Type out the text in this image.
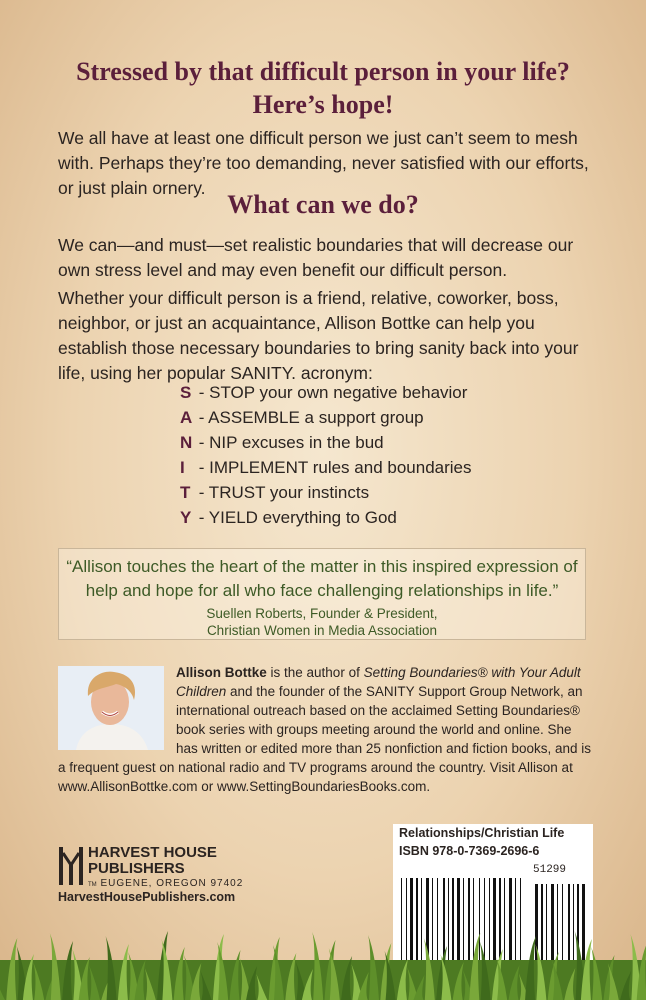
Stressed by that difficult person in your life?
Here’s hope!
We all have at least one difficult person we just can’t seem to mesh with. Perhaps they’re too demanding, never satisfied with our efforts, or just plain ornery.
What can we do?
We can—and must—set realistic boundaries that will decrease our own stress level and may even benefit our difficult person.
Whether your difficult person is a friend, relative, coworker, boss, neighbor, or just an acquaintance, Allison Bottke can help you establish those necessary boundaries to bring sanity back into your life, using her popular SANITY. acronym:
S - STOP your own negative behavior
A - ASSEMBLE a support group
N - NIP excuses in the bud
I - IMPLEMENT rules and boundaries
T - TRUST your instincts
Y - YIELD everything to God
“Allison touches the heart of the matter in this inspired expression of help and hope for all who face challenging relationships in life.”
Suellen Roberts, Founder & President,
Christian Women in Media Association
Allison Bottke is the author of Setting Boundaries® with Your Adult Children and the founder of the SANITY Support Group Network, an international outreach based on the acclaimed Setting Boundaries® book series with groups meeting around the world and online. She has written or edited more than 25 nonfiction and fiction books, and is a frequent guest on national radio and TV programs around the country. Visit Allison at www.AllisonBottke.com or www.SettingBoundariesBooks.com.
HARVEST HOUSE
PUBLISHERS
TM EUGENE, OREGON 97402
HarvestHousePublishers.com
Relationships/Christian Life
ISBN 978-0-7369-2696-6
51299
